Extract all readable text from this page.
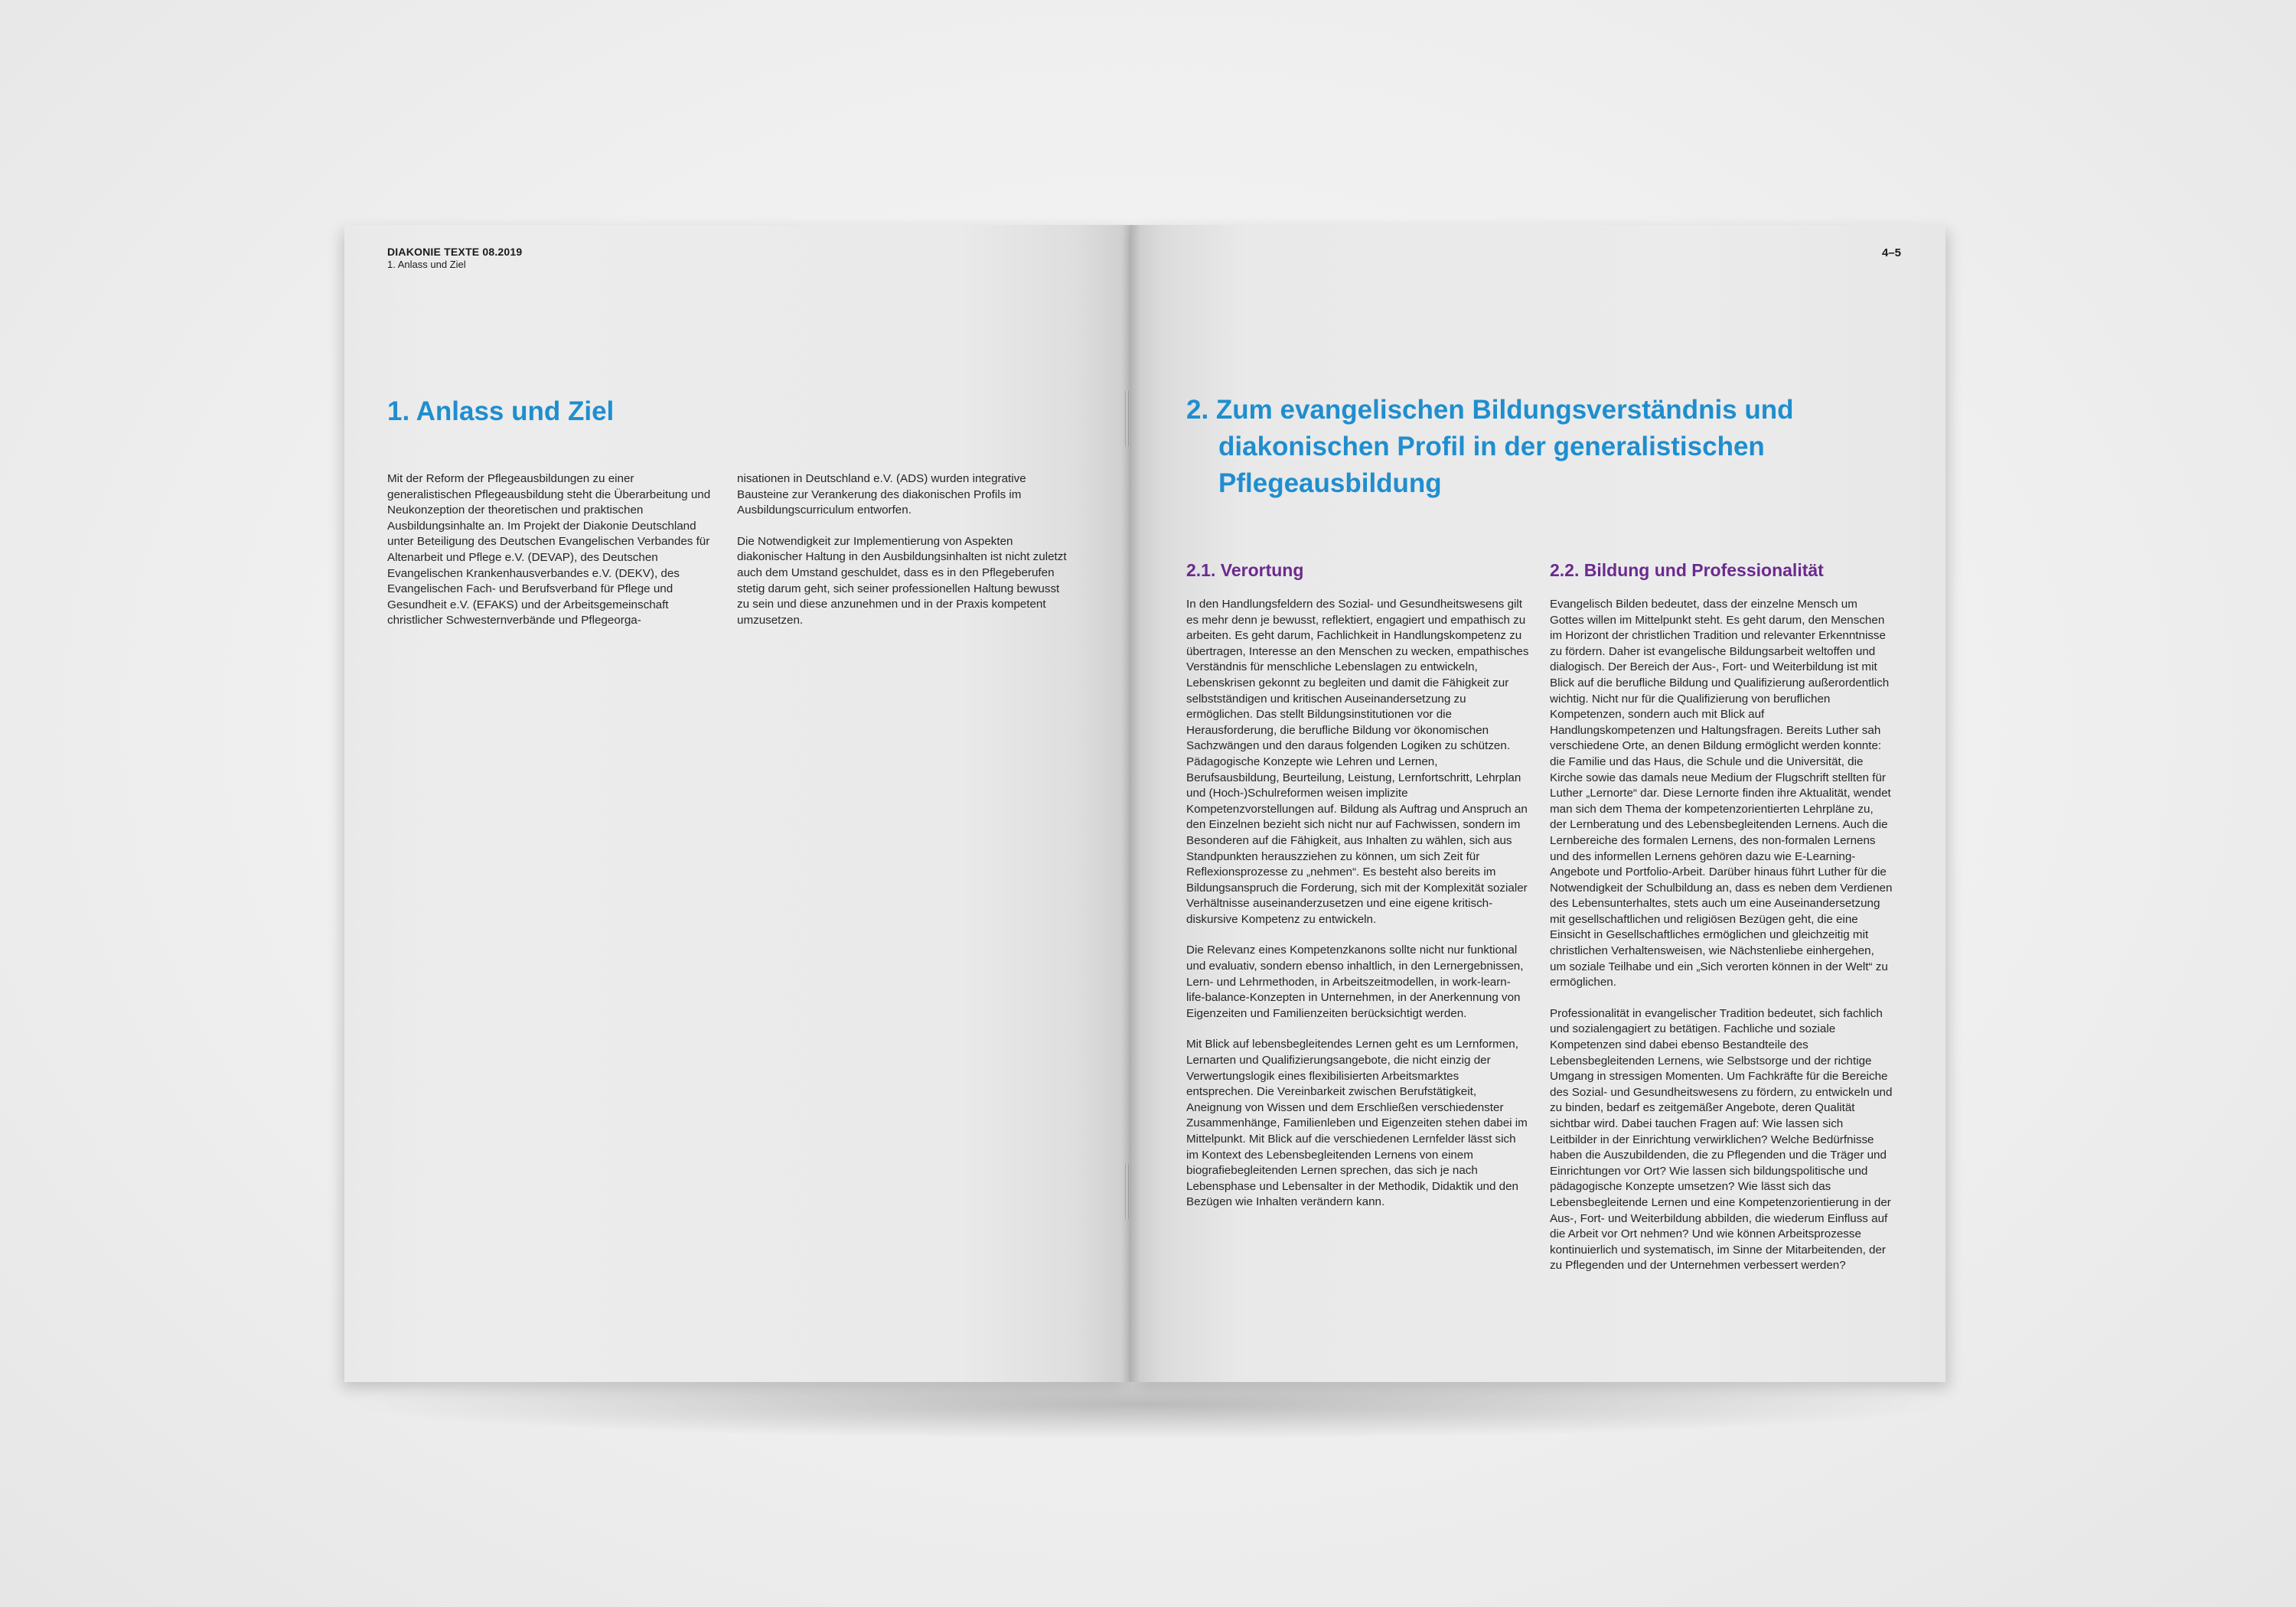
DIAKONIE TEXTE 08.2019
1. Anlass und Ziel
1. Anlass und Ziel

Mit der Reform der Pflegeausbildungen zu einer generalistischen Pflegeausbildung steht die Überarbeitung und Neukonzeption der theoretischen und praktischen Ausbildungsinhalte an. Im Projekt der Diakonie Deutschland unter Beteiligung des Deutschen Evangelischen Verbandes für Altenarbeit und Pflege e.V. (DEVAP), des Deutschen Evangelischen Krankenhausverbandes e.V. (DEKV), des Evangelischen Fach- und Berufsverband für Pflege und Gesundheit e.V. (EFAKS) und der Arbeitsgemeinschaft christlicher Schwesternverbände und Pflegeorga-

nisationen in Deutschland e.V. (ADS) wurden integrative Bausteine zur Verankerung des diakonischen Profils im Ausbildungscurriculum entworfen.

Die Notwendigkeit zur Implementierung von Aspekten diakonischer Haltung in den Ausbildungsinhalten ist nicht zuletzt auch dem Umstand geschuldet, dass es in den Pflegeberufen stetig darum geht, sich seiner professionellen Haltung bewusst zu sein und diese anzunehmen und in der Praxis kompetent umzusetzen.

4–5
2. Zum evangelischen Bildungsverständnis und diakonischen Profil in der generalistischen Pflegeausbildung
2.1. Verortung	2.2. Bildung und Professionalität

In den Handlungsfeldern des Sozial- und Gesundheitswesens gilt es mehr denn je bewusst, reflektiert, engagiert und empathisch zu arbeiten. Es geht darum, Fachlichkeit in Handlungskompetenz zu übertragen, Interesse an den Menschen zu wecken, empathisches Verständnis für menschliche Lebenslagen zu entwickeln, Lebenskrisen gekonnt zu begleiten und damit die Fähigkeit zur selbstständigen und kritischen Auseinandersetzung zu ermöglichen. Das stellt Bildungsinstitutionen vor die Herausforderung, die berufliche Bildung vor ökonomischen Sachzwängen und den daraus folgenden Logiken zu schützen. Pädagogische Konzepte wie Lehren und Lernen, Berufsausbildung, Beurteilung, Leistung, Lernfortschritt, Lehrplan und (Hoch-)Schulreformen weisen implizite Kompetenzvorstellungen auf. Bildung als Auftrag und Anspruch an den Einzelnen bezieht sich nicht nur auf Fachwissen, sondern im Besonderen auf die Fähigkeit, aus Inhalten zu wählen, sich aus Standpunkten herauszziehen zu können, um sich Zeit für Reflexionsprozesse zu „nehmen“. Es besteht also bereits im Bildungsanspruch die Forderung, sich mit der Komplexität sozialer Verhältnisse auseinanderzusetzen und eine eigene kritisch-diskursive Kompetenz zu entwickeln.

Die Relevanz eines Kompetenzkanons sollte nicht nur funktional und evaluativ, sondern ebenso inhaltlich, in den Lernergebnissen, Lern- und Lehrmethoden, in Arbeitszeitmodellen, in work-learn-life-balance-Konzepten in Unternehmen, in der Anerkennung von Eigenzeiten und Familienzeiten berücksichtigt werden.

Mit Blick auf lebensbegleitendes Lernen geht es um Lernformen, Lernarten und Qualifizierungsangebote, die nicht einzig der Verwertungslogik eines flexibilisierten Arbeitsmarktes entsprechen. Die Vereinbarkeit zwischen Berufstätigkeit, Aneignung von Wissen und dem Erschließen verschiedenster Zusammenhänge, Familienleben und Eigenzeiten stehen dabei im Mittelpunkt. Mit Blick auf die verschiedenen Lernfelder lässt sich im Kontext des Lebensbegleitenden Lernens von einem biografiebegleitenden Lernen sprechen, das sich je nach Lebensphase und Lebensalter in der Methodik, Didaktik und den Bezügen wie Inhalten verändern kann.

Evangelisch Bilden bedeutet, dass der einzelne Mensch um Gottes willen im Mittelpunkt steht. Es geht darum, den Menschen im Horizont der christlichen Tradition und relevanter Erkenntnisse zu fördern. Daher ist evangelische Bildungsarbeit weltoffen und dialogisch. Der Bereich der Aus-, Fort- und Weiterbildung ist mit Blick auf die berufliche Bildung und Qualifizierung außerordentlich wichtig. Nicht nur für die Qualifizierung von beruflichen Kompetenzen, sondern auch mit Blick auf Handlungskompetenzen und Haltungsfragen. Bereits Luther sah verschiedene Orte, an denen Bildung ermöglicht werden konnte: die Familie und das Haus, die Schule und die Universität, die Kirche sowie das damals neue Medium der Flugschrift stellten für Luther „Lernorte“ dar. Diese Lernorte finden ihre Aktualität, wendet man sich dem Thema der kompetenzorientierten Lehrpläne zu, der Lernberatung und des Lebensbegleitenden Lernens. Auch die Lernbereiche des formalen Lernens, des non-formalen Lernens und des informellen Lernens gehören dazu wie E-Learning-Angebote und Portfolio-Arbeit. Darüber hinaus führt Luther für die Notwendigkeit der Schulbildung an, dass es neben dem Verdienen des Lebensunterhaltes, stets auch um eine Auseinandersetzung mit gesellschaftlichen und religiösen Bezügen geht, die eine Einsicht in Gesellschaftliches ermöglichen und gleichzeitig mit christlichen Verhaltensweisen, wie Nächstenliebe einhergehen, um soziale Teilhabe und ein „Sich verorten können in der Welt“ zu ermöglichen.

Professionalität in evangelischer Tradition bedeutet, sich fachlich und sozialengagiert zu betätigen. Fachliche und soziale Kompetenzen sind dabei ebenso Bestandteile des Lebensbegleitenden Lernens, wie Selbstsorge und der richtige Umgang in stressigen Momenten. Um Fachkräfte für die Bereiche des Sozial- und Gesundheitswesens zu fördern, zu entwickeln und zu binden, bedarf es zeitgemäßer Angebote, deren Qualität sichtbar wird. Dabei tauchen Fragen auf: Wie lassen sich Leitbilder in der Einrichtung verwirklichen? Welche Bedürfnisse haben die Auszubildenden, die zu Pflegenden und die Träger und Einrichtungen vor Ort? Wie lassen sich bildungspolitische und pädagogische Konzepte umsetzen? Wie lässt sich das Lebensbegleitende Lernen und eine Kompetenzorientierung in der Aus-, Fort- und Weiterbildung abbilden, die wiederum Einfluss auf die Arbeit vor Ort nehmen? Und wie können Arbeitsprozesse kontinuierlich und systematisch, im Sinne der Mitarbeitenden, der zu Pflegenden und der Unternehmen verbessert werden?
